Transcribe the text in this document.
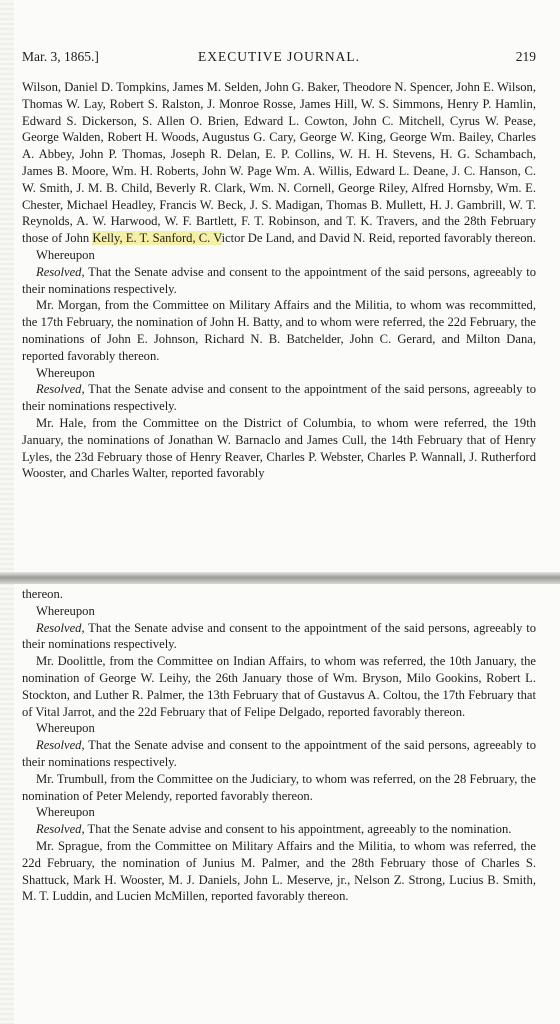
Mar. 3, 1865.]	EXECUTIVE JOURNAL.	219

Wilson, Daniel D. Tompkins, James M. Selden, John G. Baker, Theodore N. Spencer, John E. Wilson, Thomas W. Lay, Robert S. Ralston, J. Monroe Rosse, James Hill, W. S. Simmons, Henry P. Hamlin, Edward S. Dickerson, S. Allen O. Brien, Edward L. Cowton, John C. Mitchell, Cyrus W. Pease, George Walden, Robert H. Woods, Augustus G. Cary, George W. King, George Wm. Bailey, Charles A. Abbey, John P. Thomas, Joseph R. Delan, E. P. Collins, W. H. H. Stevens, H. G. Schambach, James B. Moore, Wm. H. Roberts, John W. Page Wm. A. Willis, Edward L. Deane, J. C. Hanson, C. W. Smith, J. M. B. Child, Beverly R. Clark, Wm. N. Cornell, George Riley, Alfred Hornsby, Wm. E. Chester, Michael Headley, Francis W. Beck, J. S. Madigan, Thomas B. Mullett, H. J. Gambrill, W. T. Reynolds, A. W. Harwood, W. F. Bartlett, F. T. Robinson, and T. K. Travers, and the 28th February those of John Kelly, E. T. Sanford, C. Victor De Land, and David N. Reid, reported favorably thereon.

Whereupon

Resolved, That the Senate advise and consent to the appointment of the said persons, agreeably to their nominations respectively.

Mr. Morgan, from the Committee on Military Affairs and the Militia, to whom was recommitted, the 17th February, the nomination of John H. Batty, and to whom were referred, the 22d February, the nominations of John E. Johnson, Richard N. B. Batchelder, John C. Gerard, and Milton Dana, reported favorably thereon.

Whereupon

Resolved, That the Senate advise and consent to the appointment of the said persons, agreeably to their nominations respectively.

Mr. Hale, from the Committee on the District of Columbia, to whom were referred, the 19th January, the nominations of Jonathan W. Barnaclo and James Cull, the 14th February that of Henry Lyles, the 23d February those of Henry Reaver, Charles P. Webster, Charles P. Wannall, J. Rutherford Wooster, and Charles Walter, reported favorably

thereon.

Whereupon

Resolved, That the Senate advise and consent to the appointment of the said persons, agreeably to their nominations respectively.

Mr. Doolittle, from the Committee on Indian Affairs, to whom was referred, the 10th January, the nomination of George W. Leihy, the 26th January those of Wm. Bryson, Milo Gookins, Robert L. Stockton, and Luther R. Palmer, the 13th February that of Gustavus A. Coltou, the 17th February that of Vital Jarrot, and the 22d February that of Felipe Delgado, reported favorably thereon.

Whereupon

Resolved, That the Senate advise and consent to the appointment of the said persons, agreeably to their nominations respectively.

Mr. Trumbull, from the Committee on the Judiciary, to whom was referred, on the 28 February, the nomination of Peter Melendy, reported favorably thereon.

Whereupon

Resolved, That the Senate advise and consent to his appointment, agreeably to the nomination.

Mr. Sprague, from the Committee on Military Affairs and the Militia, to whom was referred, the 22d February, the nomination of Junius M. Palmer, and the 28th February those of Charles S. Shattuck, Mark H. Wooster, M. J. Daniels, John L. Meserve, jr., Nelson Z. Strong, Lucius B. Smith, M. T. Luddin, and Lucien McMillen, reported favorably thereon.
